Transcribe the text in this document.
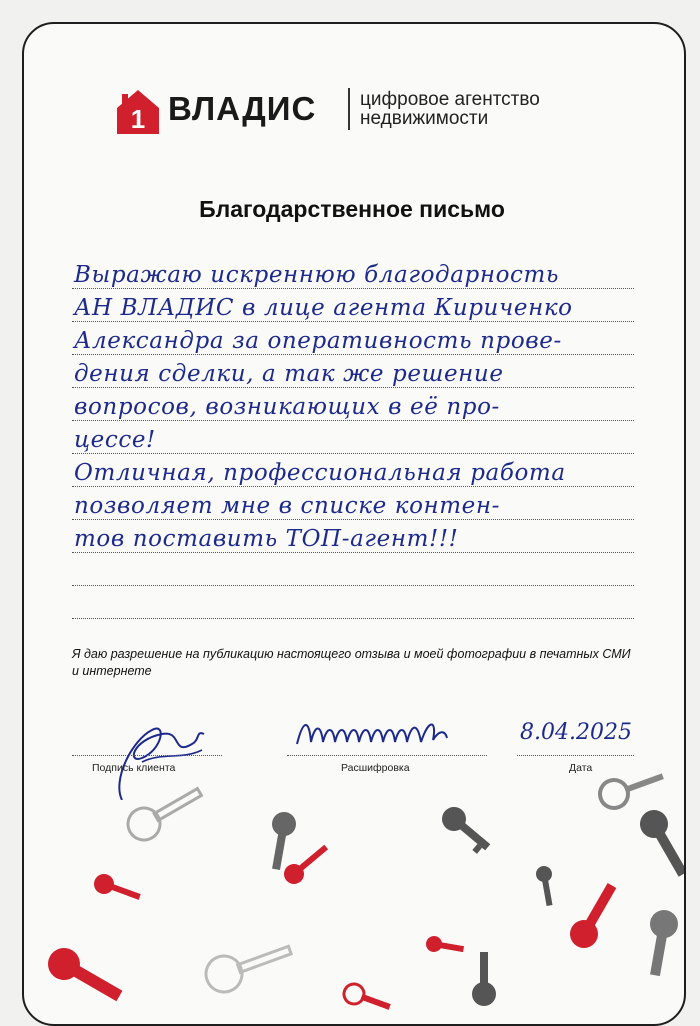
1 ВЛАДИС цифровое агентство
недвижимости
Благодарственное письмо
Выражаю искреннюю благодарность
АН ВЛАДИС в лице агента Кириченко
Александра за оперативность прове-
дения сделки, а так же решение
вопросов, возникающих в её про-
цессе!
Отличная, профессиональная работа
позволяет мне в списке контен-
тов поставить ТОП-агент!!!
Я даю разрешение на публикацию настоящего отзыва и моей фотографии в печатных СМИ и интернете
Подпись клиента	Расшифровка
8.04.2025
Дата
